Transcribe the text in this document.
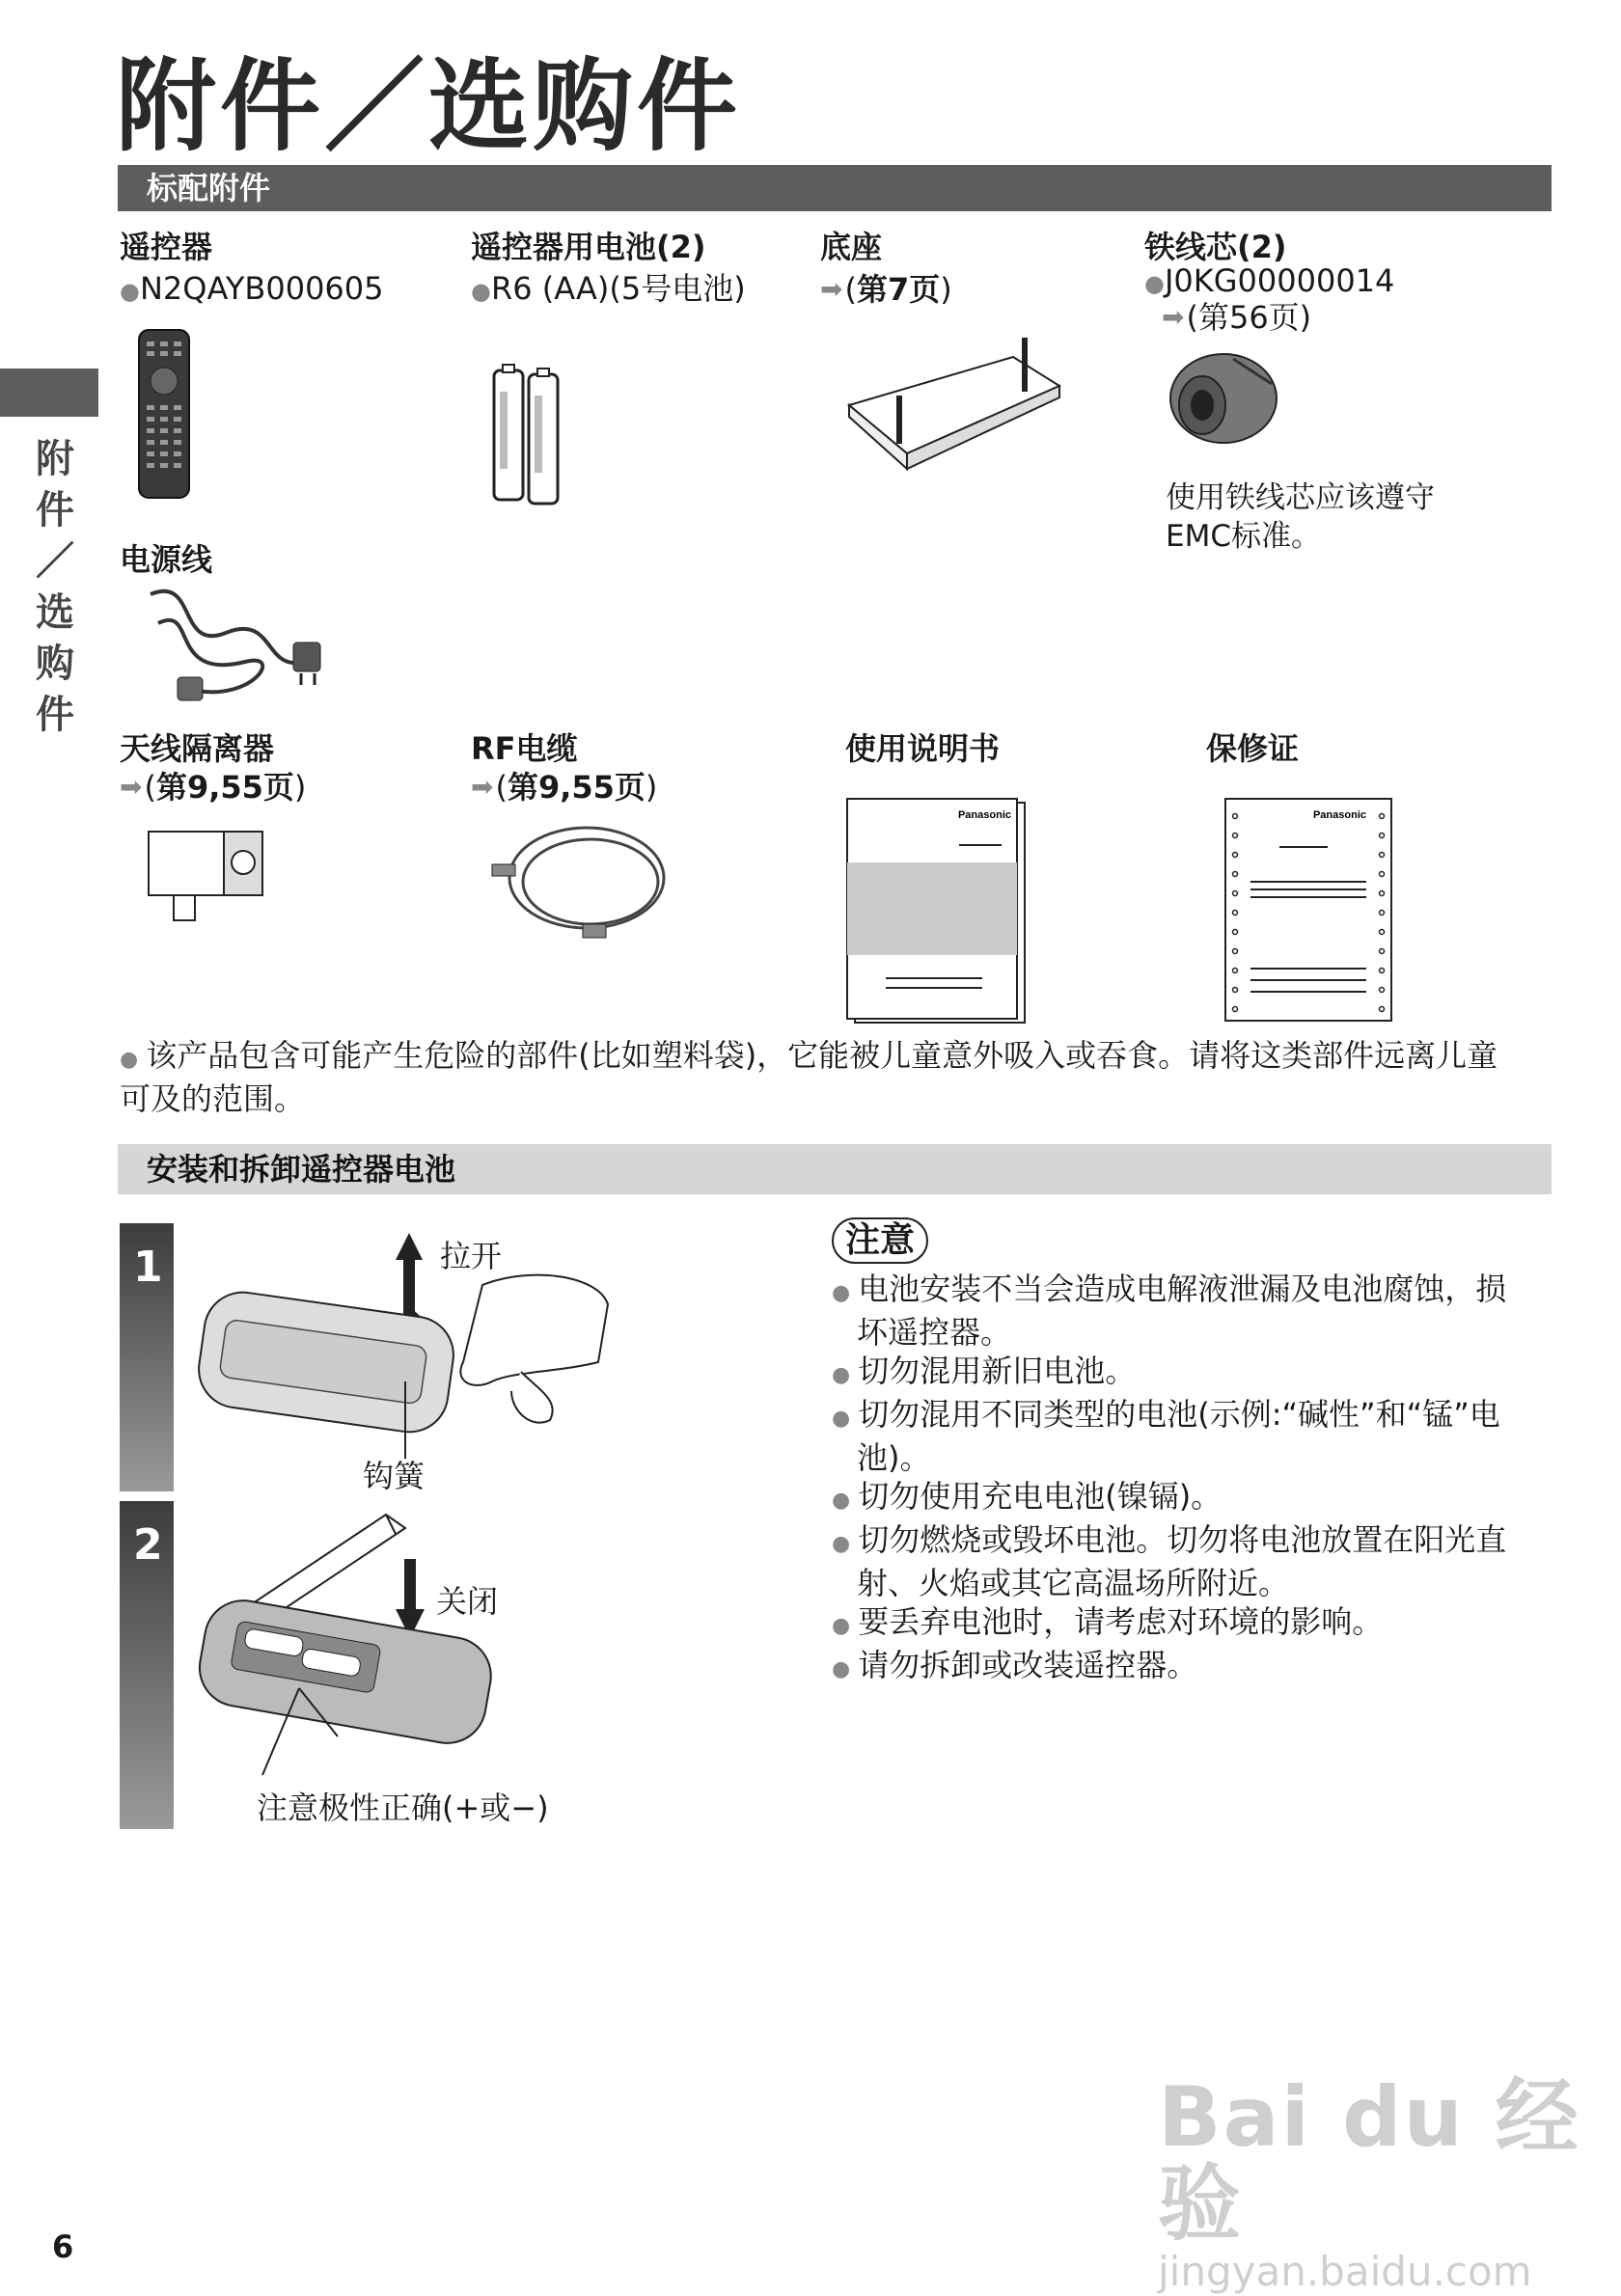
附件／选购件
标配附件
附件／选购件
遥控器
●N2QAYB000605
遥控器用电池(2)
●R6 (AA)(5号电池)
底座
➡(第7页)
铁线芯(2)
●J0KG00000014
➡(第56页)
使用铁线芯应该遵守EMC标准。
电源线
天线隔离器
➡(第9,55页)
RF电缆
➡(第9,55页)
使用说明书
Panasonic
保修证
Panasonic
● 该产品包含可能产生危险的部件(比如塑料袋)，它能被儿童意外吸入或吞食。请将这类部件远离儿童可及的范围。
安装和拆卸遥控器电池
1	拉开
钩簧
2
关闭
注意极性正确(+或−)
注意
● 电池安装不当会造成电解液泄漏及电池腐蚀，损坏遥控器。
● 切勿混用新旧电池。
● 切勿混用不同类型的电池(示例:“碱性”和“锰”电池)。
● 切勿使用充电电池(镍镉)。
● 切勿燃烧或毁坏电池。切勿将电池放置在阳光直射、火焰或其它高温场所附近。
● 要丢弃电池时，请考虑对环境的影响。
● 请勿拆卸或改装遥控器。
6
Bai du 经验
jingyan.baidu.com
